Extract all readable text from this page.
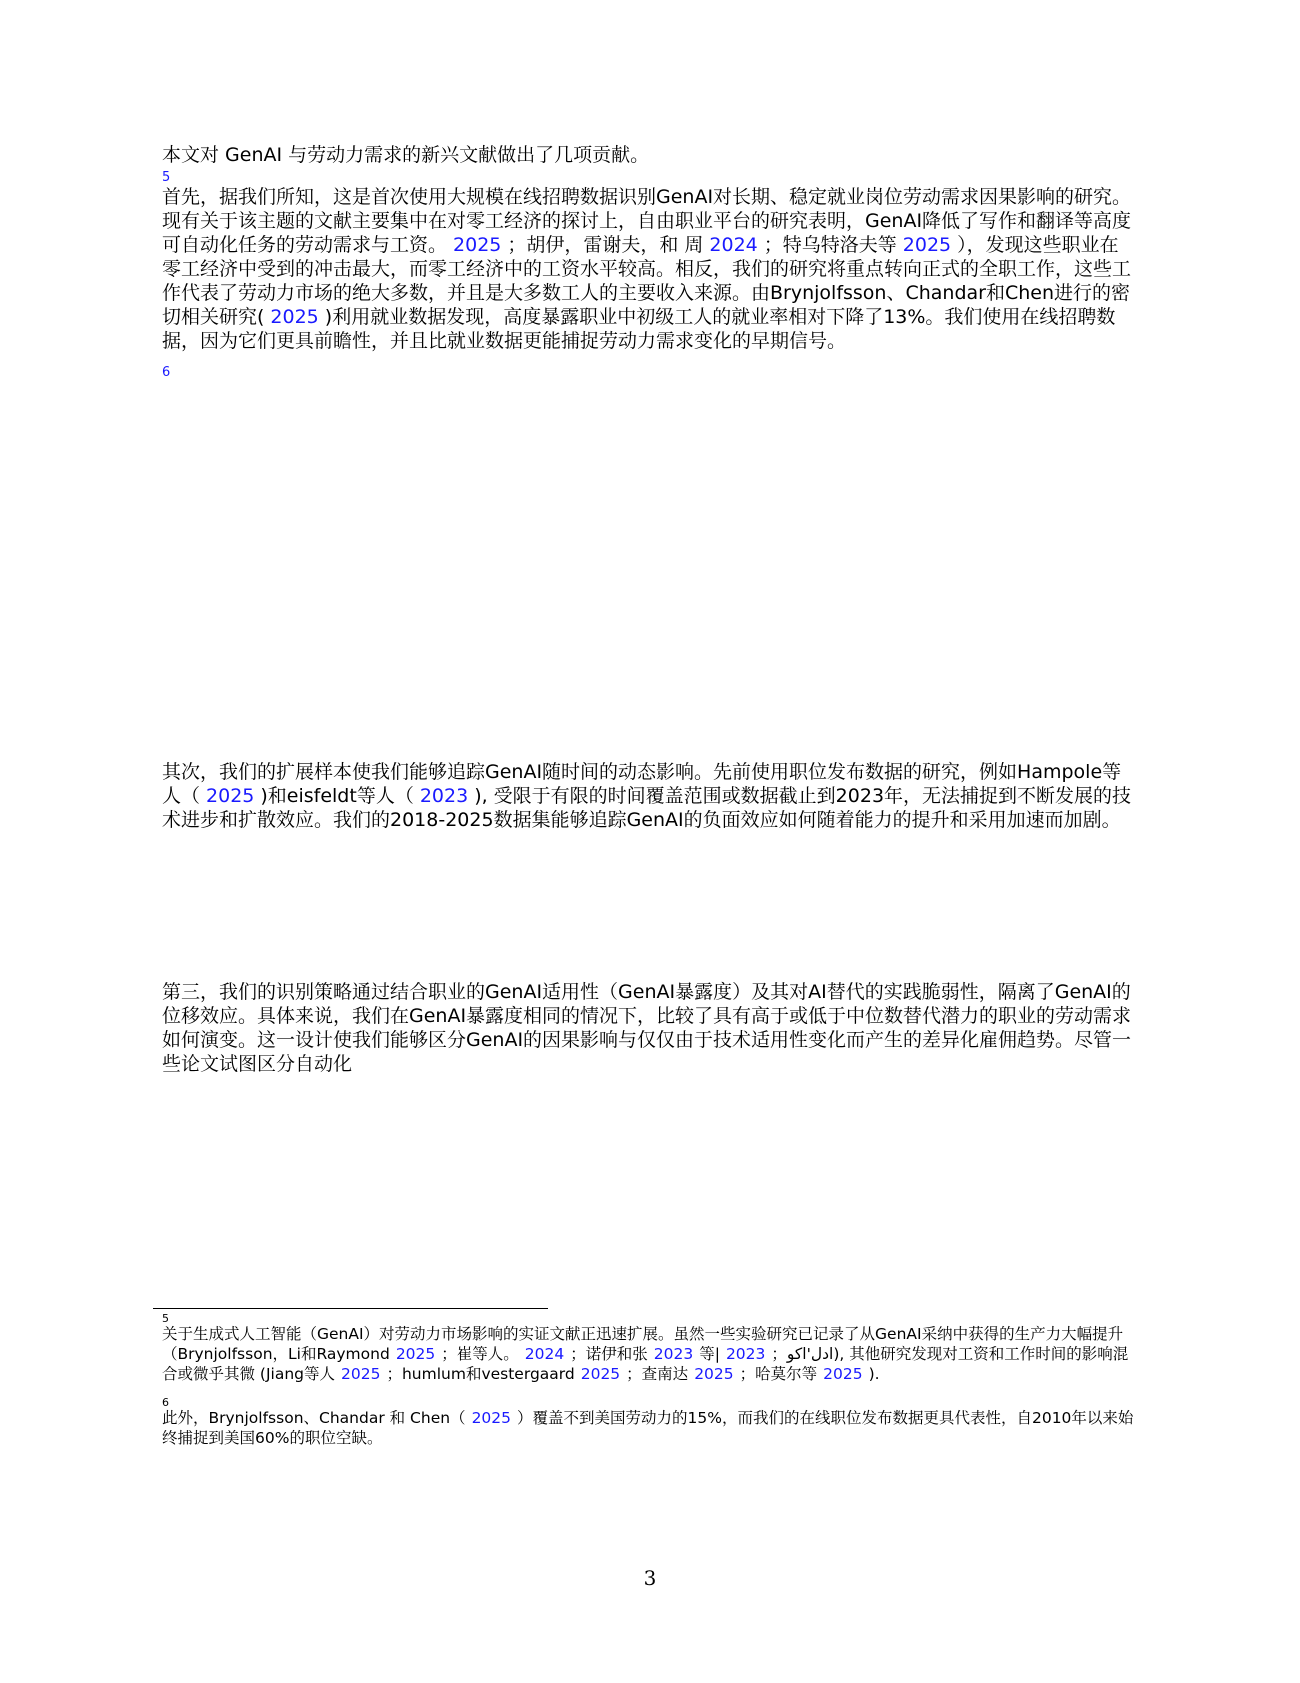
本文对 GenAI 与劳动力需求的新兴文献做出了几项贡献。

5

首先，据我们所知，这是首次使用大规模在线招聘数据识别GenAI对长期、稳定就业岗位劳动需求因果影响的研究。现有关于该主题的文献主要集中在对零工经济的探讨上，自由职业平台的研究表明，GenAI降低了写作和翻译等高度可自动化任务的劳动需求与工资。 2025 ；胡伊，雷谢夫，和 周 2024 ；特乌特洛夫等 2025 ），发现这些职业在零工经济中受到的冲击最大，而零工经济中的工资水平较高。相反，我们的研究将重点转向正式的全职工作，这些工作代表了劳动力市场的绝大多数，并且是大多数工人的主要收入来源。由Brynjolfsson、Chandar和Chen进行的密切相关研究( 2025 )利用就业数据发现，高度暴露职业中初级工人的就业率相对下降了13%。我们使用在线招聘数据，因为它们更具前瞻性，并且比就业数据更能捕捉劳动力需求变化的早期信号。

6

其次，我们的扩展样本使我们能够追踪GenAI随时间的动态影响。先前使用职位发布数据的研究，例如Hampole等人（ 2025 )和eisfeldt等人（ 2023 ), 受限于有限的时间覆盖范围或数据截止到2023年，无法捕捉到不断发展的技术进步和扩散效应。我们的2018-2025数据集能够追踪GenAI的负面效应如何随着能力的提升和采用加速而加剧。

第三，我们的识别策略通过结合职业的GenAI适用性（GenAI暴露度）及其对AI替代的实践脆弱性，隔离了GenAI的位移效应。具体来说，我们在GenAI暴露度相同的情况下，比较了具有高于或低于中位数替代潜力的职业的劳动需求如何演变。这一设计使我们能够区分GenAI的因果影响与仅仅由于技术适用性变化而产生的差异化雇佣趋势。尽管一些论文试图区分自动化

5

关于生成式人工智能（GenAI）对劳动力市场影响的实证文献正迅速扩展。虽然一些实验研究已记录了从GenAI采纳中获得的生产力大幅提升（Brynjolfsson，Li和Raymond 2025 ；崔等人。 2024 ；诺伊和张 2023 等|ادل'اكو；2023	), 其他研究发现对工资和工作时间的影响混合或微乎其微 (Jiang等人 2025 ；humlum和vestergaard 2025 ；查南达 2025 ；哈莫尔等 2025 ).

6

此外，Brynjolfsson、Chandar 和 Chen（ 2025 ）覆盖不到美国劳动力的15%，而我们的在线职位发布数据更具代表性，自2010年以来始终捕捉到美国60%的职位空缺。

3
